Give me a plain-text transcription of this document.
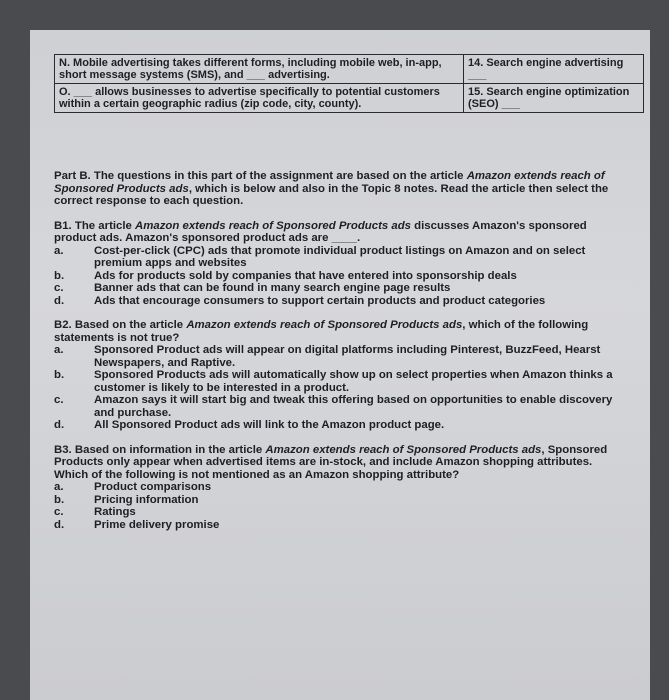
N. Mobile advertising takes different forms, including mobile web, in-app, short message systems (SMS), and ___ advertising.	14. Search engine advertising ___
O. ___ allows businesses to advertise specifically to potential customers within a certain geographic radius (zip code, city, county).	15. Search engine optimization (SEO) ___

Part B. The questions in this part of the assignment are based on the article Amazon extends reach of Sponsored Products ads, which is below and also in the Topic 8 notes. Read the article then select the correct response to each question.

B1. The article Amazon extends reach of Sponsored Products ads discusses Amazon's sponsored product ads. Amazon's sponsored product ads are ____.

a.	Cost-per-click (CPC) ads that promote individual product listings on Amazon and on select premium apps and websites
b.	Ads for products sold by companies that have entered into sponsorship deals
c.	Banner ads that can be found in many search engine page results
d.	Ads that encourage consumers to support certain products and product categories

B2. Based on the article Amazon extends reach of Sponsored Products ads, which of the following statements is not true?

a.	Sponsored Product ads will appear on digital platforms including Pinterest, BuzzFeed, Hearst Newspapers, and Raptive.
b.	Sponsored Products ads will automatically show up on select properties when Amazon thinks a customer is likely to be interested in a product.
c.	Amazon says it will start big and tweak this offering based on opportunities to enable discovery and purchase.
d.	All Sponsored Product ads will link to the Amazon product page.

B3. Based on information in the article Amazon extends reach of Sponsored Products ads, Sponsored Products only appear when advertised items are in-stock, and include Amazon shopping attributes. Which of the following is not mentioned as an Amazon shopping attribute?

a.	Product comparisons
b.	Pricing information
c.	Ratings
d.	Prime delivery promise
